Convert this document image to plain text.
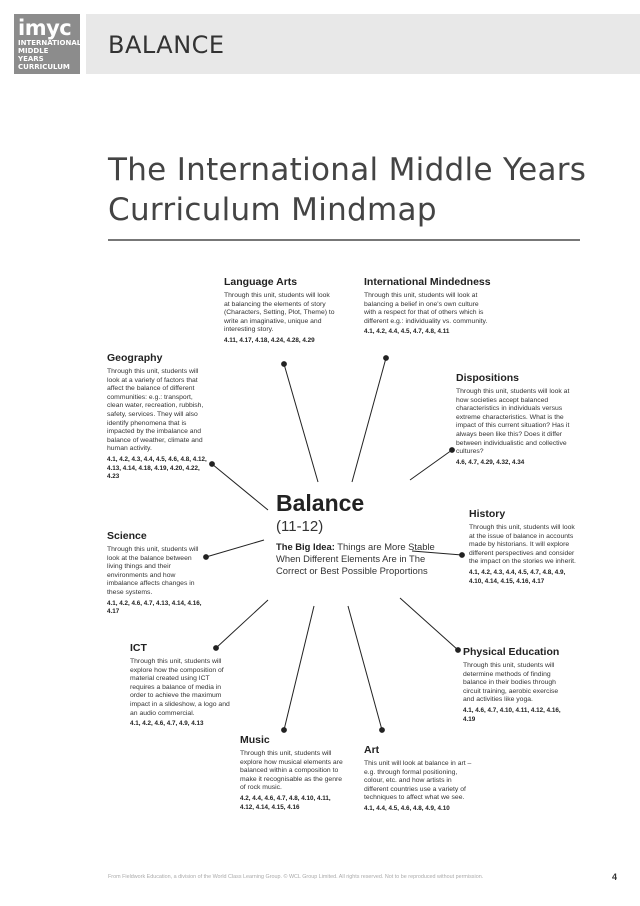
imyc
INTERNATIONAL
MIDDLE YEARS
CURRICULUM
BALANCE
The International Middle Years
Curriculum Mindmap
Language Arts

Through this unit, students will look at balancing the elements of story (Characters, Setting, Plot, Theme) to write an imaginative, unique and interesting story.

4.11, 4.17, 4.18, 4.24, 4.28, 4.29
International Mindedness

Through this unit, students will look at balancing a belief in one's own culture with a respect for that of others which is different e.g.: individuality vs. community.

4.1, 4.2, 4.4, 4.5, 4.7, 4.8, 4.11
Geography

Through this unit, students will look at a variety of factors that affect the balance of different communities: e.g.: transport, clean water, recreation, rubbish, safety, services. They will also identify phenomena that is impacted by the imbalance and balance of weather, climate and human activity.

4.1, 4.2, 4.3, 4.4, 4.5, 4.6, 4.8, 4.12, 4.13, 4.14, 4.18, 4.19, 4.20, 4.22, 4.23
Dispositions

Through this unit, students will look at how societies accept balanced characteristics in individuals versus extreme characteristics. What is the impact of this current situation? Has it always been like this? Does it differ between individualistic and collective cultures?

4.6, 4.7, 4.29, 4.32, 4.34
History

Through this unit, students will look at the issue of balance in accounts made by historians. It will explore different perspectives and consider the impact on the stories we inherit.

4.1, 4.2, 4.3, 4.4, 4.5, 4.7, 4.8, 4.9, 4.10, 4.14, 4.15, 4.16, 4.17
Science

Through this unit, students will look at the balance between living things and their environments and how imbalance affects changes in these systems.

4.1, 4.2, 4.6, 4.7, 4.13, 4.14, 4.16, 4.17
ICT

Through this unit, students will explore how the composition of material created using ICT requires a balance of media in order to achieve the maximum impact in a slideshow, a logo and an audio commercial.

4.1, 4.2, 4.6, 4.7, 4.9, 4.13
Physical Education

Through this unit, students will determine methods of finding balance in their bodies through circuit training, aerobic exercise and activities like yoga.

4.1, 4.6, 4.7, 4.10, 4.11, 4.12, 4.16, 4.19
Music

Through this unit, students will explore how musical elements are balanced within a composition to make it recognisable as the genre of rock music.

4.2, 4.4, 4.6, 4.7, 4.8, 4.10, 4.11, 4.12, 4.14, 4.15, 4.16
Art

This unit will look at balance in art – e.g. through formal positioning, colour, etc. and how artists in different countries use a variety of techniques to affect what we see.

4.1, 4.4, 4.5, 4.6, 4.8, 4.9, 4.10
Balance
(11-12)
The Big Idea: Things are More Stable When Different Elements Are in The Correct or Best Possible Proportions
From Fieldwork Education, a division of the World Class Learning Group. © WCL Group Limited. All rights reserved. Not to be reproduced without permission.	4
